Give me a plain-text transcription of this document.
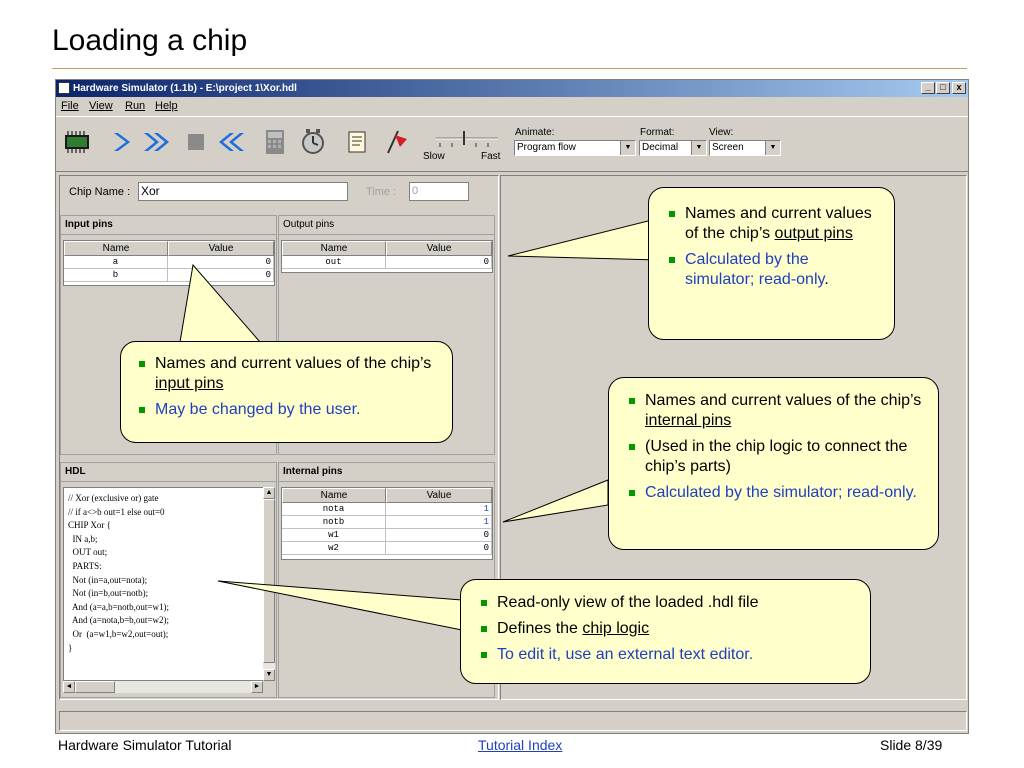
Loading a chip
Hardware Simulator (1.1b) - E:\project 1\Xor.hdl	_	□	x
File View Run Help
Slow	Fast
Animate:
Program flow	▼
Format:
Decimal	▼
View:
Screen	▼
Chip Name : Xor	Time : 0
Input pins
Name	Value
a	0
b	0
Output pins
Name	Value
out	0
HDL
// Xor (exclusive or) gate
// if a<>b out=1 else out=0
CHIP Xor {
IN a,b;
OUT out;
PARTS:
Not (in=a,out=nota);
Not (in=b,out=notb);
And (a=a,b=notb,out=w1);
And (a=nota,b=b,out=w2);
Or  (a=w1,b=w2,out=out);
}
▲
▼
◄	►
Internal pins
Name	Value
nota	1
notb	1
w1	0
w2	0
Names and current values of the chip’s output pins
Calculated by the simulator; read-only.
Names and current values of the chip’s input pins
May be changed by the user.
Names and current values of the chip’s internal pins
(Used in the chip logic to connect the chip’s parts)
Calculated by the simulator; read-only.
Read-only view of the loaded .hdl file
Defines the chip logic
To edit it, use an external text editor.
Hardware Simulator Tutorial	Tutorial Index	Slide 8/39
